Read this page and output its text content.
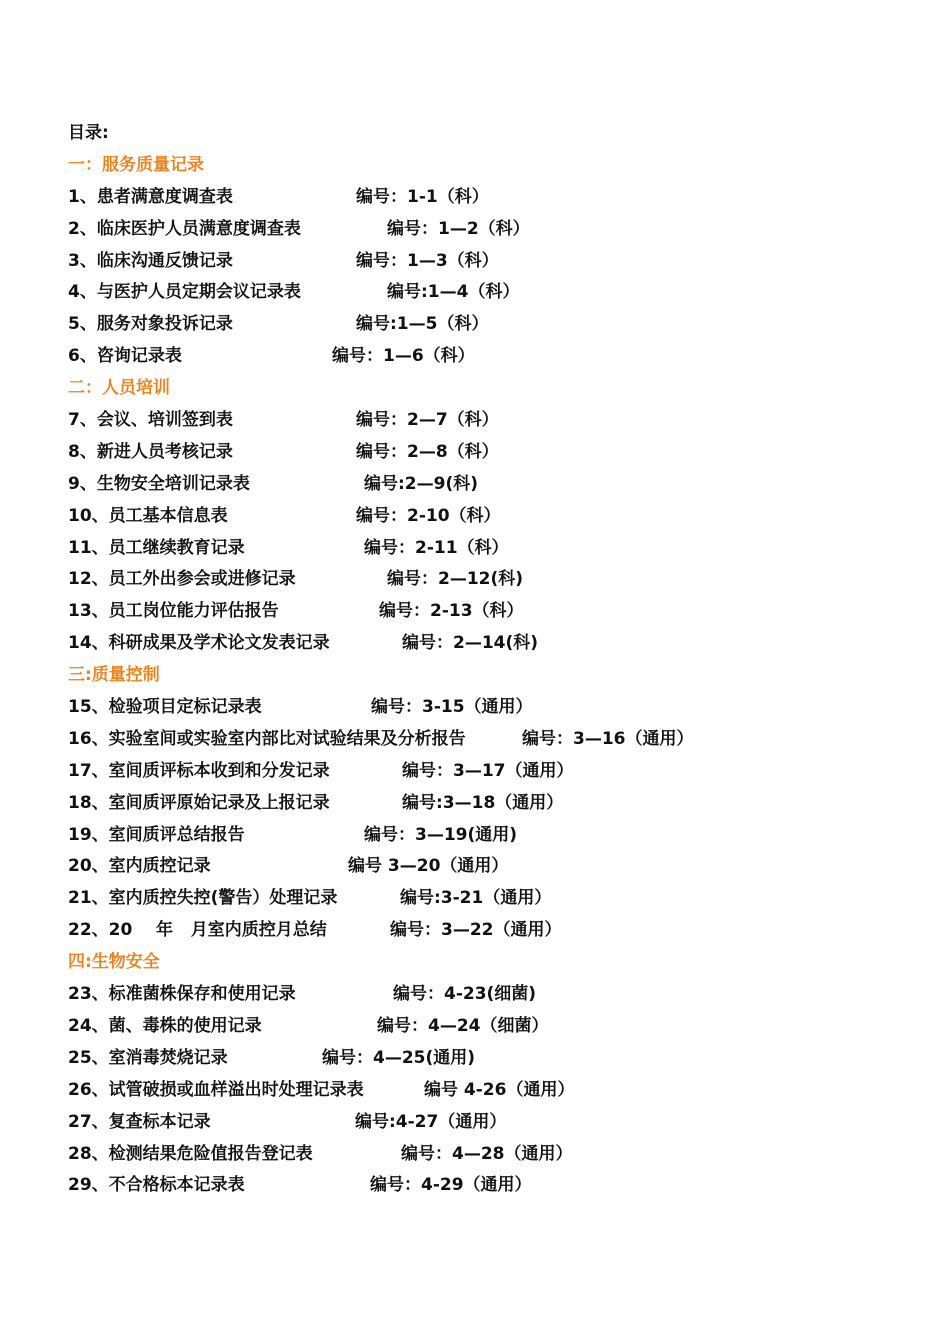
目录:
一：服务质量记录
1、患者满意度调查表	编号：1-1（科）
2、临床医护人员满意度调查表	编号：1—2（科）
3、临床沟通反馈记录	编号：1—3（科）
4、与医护人员定期会议记录表	编号:1—4（科）
5、服务对象投诉记录	编号:1—5（科）
6、咨询记录表	编号：1—6（科）
二：人员培训
7、会议、培训签到表	编号：2—7（科）
8、新进人员考核记录	编号：2—8（科）
9、生物安全培训记录表	编号:2—9(科)
10、员工基本信息表	编号：2-10（科）
11、员工继续教育记录	编号：2-11（科）
12、员工外出参会或进修记录	编号：2—12(科)
13、员工岗位能力评估报告	编号：2-13（科）
14、科研成果及学术论文发表记录	编号：2—14(科)
三:质量控制
15、检验项目定标记录表	编号：3-15（通用）
16、实验室间或实验室内部比对试验结果及分析报告	编号：3—16（通用）
17、室间质评标本收到和分发记录	编号：3—17（通用）
18、室间质评原始记录及上报记录	编号:3—18（通用）
19、室间质评总结报告	编号：3—19(通用)
20、室内质控记录	编号 3—20（通用）
21、室内质控失控(警告）处理记录	编号:3-21（通用）
22、20    年   月室内质控月总结	编号：3—22（通用）
四:生物安全
23、标准菌株保存和使用记录	编号：4-23(细菌)
24、菌、毒株的使用记录	编号：4—24（细菌）
25、室消毒焚烧记录	编号：4—25(通用)
26、试管破损或血样溢出时处理记录表	编号 4-26（通用）
27、复查标本记录	编号:4-27（通用）
28、检测结果危险值报告登记表	编号：4—28（通用）
29、不合格标本记录表	编号：4-29（通用）
